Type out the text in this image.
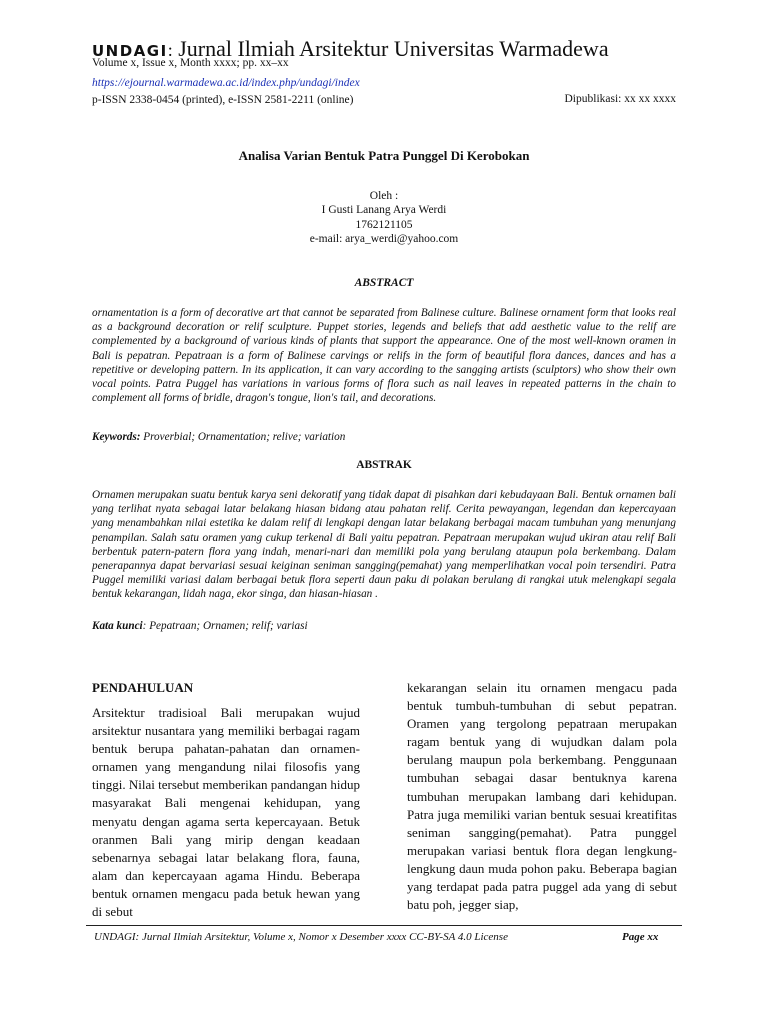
UNDAGI: Jurnal Ilmiah Arsitektur Universitas Warmadewa
Volume x, Issue x, Month xxxx; pp. xx–xx
https://ejournal.warmadewa.ac.id/index.php/undagi/index
p-ISSN 2338-0454 (printed), e-ISSN 2581-2211 (online)	Dipublikasi: xx xx xxxx
Analisa Varian Bentuk Patra Punggel Di Kerobokan
Oleh :
I Gusti Lanang Arya Werdi
1762121105
e-mail: arya_werdi@yahoo.com
ABSTRACT
ornamentation is a form of decorative art that cannot be separated from Balinese culture. Balinese ornament form that looks real as a background decoration or relif sculpture. Puppet stories, legends and beliefs that add aesthetic value to the relif are complemented by a background of various kinds of plants that support the appearance. One of the most well-known oramen in Bali is pepatran. Pepatraan is a form of Balinese carvings or relifs in the form of beautiful flora dances, dances and has a repetitive or developing pattern. In its application, it can vary according to the sangging artists (sculptors) who show their own vocal points. Patra Puggel has variations in various forms of flora such as nail leaves in repeated patterns in the chain to complement all forms of bridle, dragon's tongue, lion's tail, and decorations.
Keywords: Proverbial; Ornamentation; relive; variation
ABSTRAK
Ornamen merupakan suatu bentuk karya seni dekoratif yang tidak dapat di pisahkan dari kebudayaan Bali. Bentuk ornamen bali yang terlihat nyata sebagai latar belakang hiasan bidang atau pahatan relif. Cerita pewayangan, legendan dan kepercayaan yang menambahkan nilai estetika ke dalam relif di lengkapi dengan latar belakang berbagai macam tumbuhan yang menunjang penampilan. Salah satu oramen yang cukup terkenal di Bali yaitu pepatran. Pepatraan merupakan wujud ukiran atau relif Bali berbentuk patern-patern flora yang indah, menari-nari dan memiliki pola yang berulang ataupun pola berkembang. Dalam penerapannya dapat bervariasi sesuai keiginan seniman sangging(pemahat) yang memperlihatkan vocal poin tersendiri. Patra Puggel memiliki variasi dalam berbagai betuk flora seperti daun paku di polakan berulang di rangkai utuk melengkapi segala bentuk kekarangan, lidah naga, ekor singa, dan hiasan-hiasan .
Kata kunci: Pepatraan; Ornamen; relif; variasi

PENDAHULUAN

Arsitektur tradisioal Bali merupakan wujud arsitektur nusantara yang memiliki berbagai ragam bentuk berupa pahatan-pahatan dan ornamen-ornamen yang mengandung nilai filosofis yang tinggi. Nilai tersebut memberikan pandangan hidup masyarakat Bali mengenai kehidupan, yang menyatu dengan agama serta kepercayaan. Betuk oranmen Bali yang mirip dengan keadaan sebenarnya sebagai latar belakang flora, fauna, alam dan kepercayaan agama Hindu. Beberapa bentuk ornamen mengacu pada betuk hewan yang di sebut

kekarangan selain itu ornamen mengacu pada bentuk tumbuh-tumbuhan di sebut pepatran. Oramen yang tergolong pepatraan merupakan ragam bentuk yang di wujudkan dalam pola berulang maupun pola berkembang. Penggunaan tumbuhan sebagai dasar bentuknya karena tumbuhan merupakan lambang dari kehidupan. Patra juga memiliki varian bentuk sesuai kreatifitas seniman sangging(pemahat). Patra punggel merupakan variasi bentuk flora degan lengkung-lengkung daun muda pohon paku. Beberapa bagian yang terdapat pada patra puggel ada yang di sebut batu poh, jegger siap,

UNDAGI: Jurnal Ilmiah Arsitektur, Volume x, Nomor x Desember xxxx CC-BY-SA 4.0 License	Page xx
